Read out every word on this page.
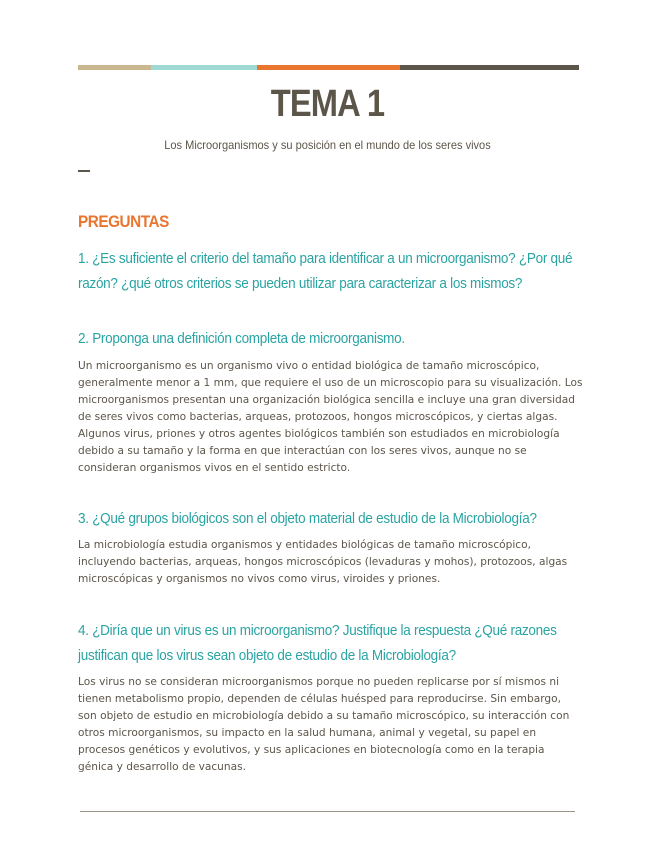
TEMA 1
Los Microorganismos y su posición en el mundo de los seres vivos
PREGUNTAS
1. ¿Es suficiente el criterio del tamaño para identificar a un microorganismo? ¿Por qué razón? ¿qué otros criterios se pueden utilizar para caracterizar a los mismos?
2. Proponga una definición completa de microorganismo.
Un microorganismo es un organismo vivo o entidad biológica de tamaño microscópico, generalmente menor a 1 mm, que requiere el uso de un microscopio para su visualización. Los microorganismos presentan una organización biológica sencilla e incluye una gran diversidad de seres vivos como bacterias, arqueas, protozoos, hongos microscópicos, y ciertas algas. Algunos virus, priones y otros agentes biológicos también son estudiados en microbiología debido a su tamaño y la forma en que interactúan con los seres vivos, aunque no se consideran organismos vivos en el sentido estricto.
3. ¿Qué grupos biológicos son el objeto material de estudio de la Microbiología?
La microbiología estudia organismos y entidades biológicas de tamaño microscópico, incluyendo bacterias, arqueas, hongos microscópicos (levaduras y mohos), protozoos, algas microscópicas y organismos no vivos como virus, viroides y priones.
4. ¿Diría que un virus es un microorganismo? Justifique la respuesta ¿Qué razones justifican que los virus sean objeto de estudio de la Microbiología?
Los virus no se consideran microorganismos porque no pueden replicarse por sí mismos ni tienen metabolismo propio, dependen de células huésped para reproducirse. Sin embargo, son objeto de estudio en microbiología debido a su tamaño microscópico, su interacción con otros microorganismos, su impacto en la salud humana, animal y vegetal, su papel en procesos genéticos y evolutivos, y sus aplicaciones en biotecnología como en la terapia génica y desarrollo de vacunas.
